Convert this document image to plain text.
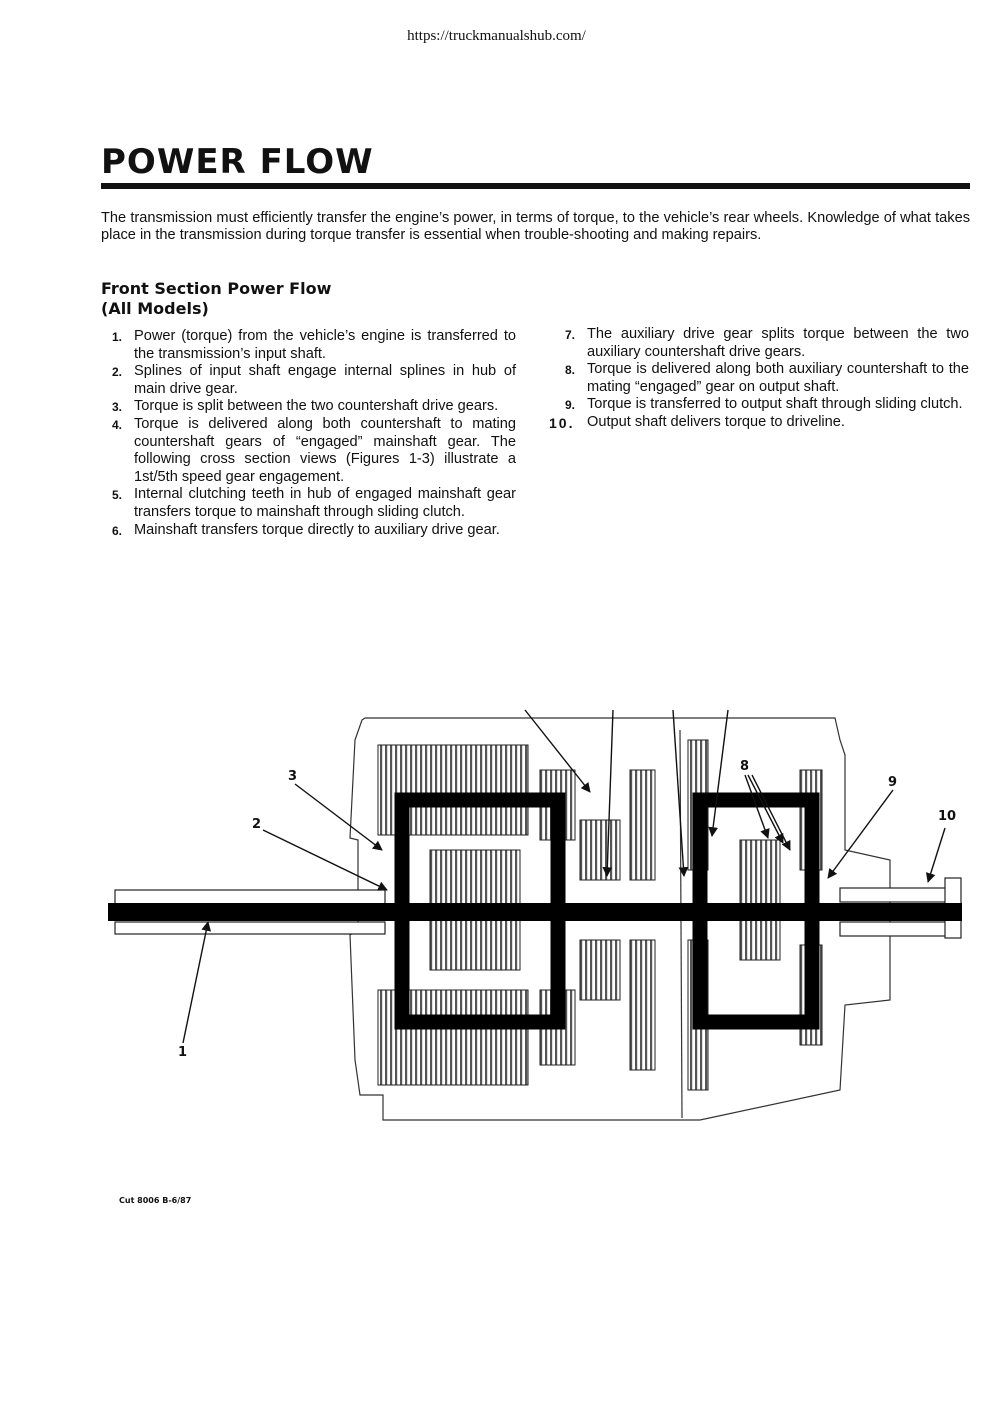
https://truckmanualshub.com/
POWER FLOW

The transmission must efficiently transfer the engine’s power, in terms of torque, to the vehicle’s rear wheels. Knowledge of what takes place in the transmission during torque transfer is essential when trouble-shooting and making repairs.

Front Section Power Flow
(All Models)
1. Power (torque) from the vehicle’s engine is transferred to the transmission’s input shaft.
2. Splines of input shaft engage internal splines in hub of main drive gear.
3. Torque is split between the two countershaft drive gears.
4. Torque is delivered along both countershaft to mating countershaft gears of “engaged” mainshaft gear. The following cross section views (Figures 1-3) illustrate a 1st/5th speed gear engagement.
5. Internal clutching teeth in hub of engaged mainshaft gear transfers torque to mainshaft through sliding clutch.
6. Mainshaft transfers torque directly to auxiliary drive gear.
7. The auxiliary drive gear splits torque between the two auxiliary countershaft drive gears.
8. Torque is delivered along both auxiliary countershaft to the mating “engaged” gear on output shaft.
9. Torque is transferred to output shaft through sliding clutch.
10. Output shaft delivers torque to driveline.
3
2
1
8
9
10
Cut 8006 B-6/87
